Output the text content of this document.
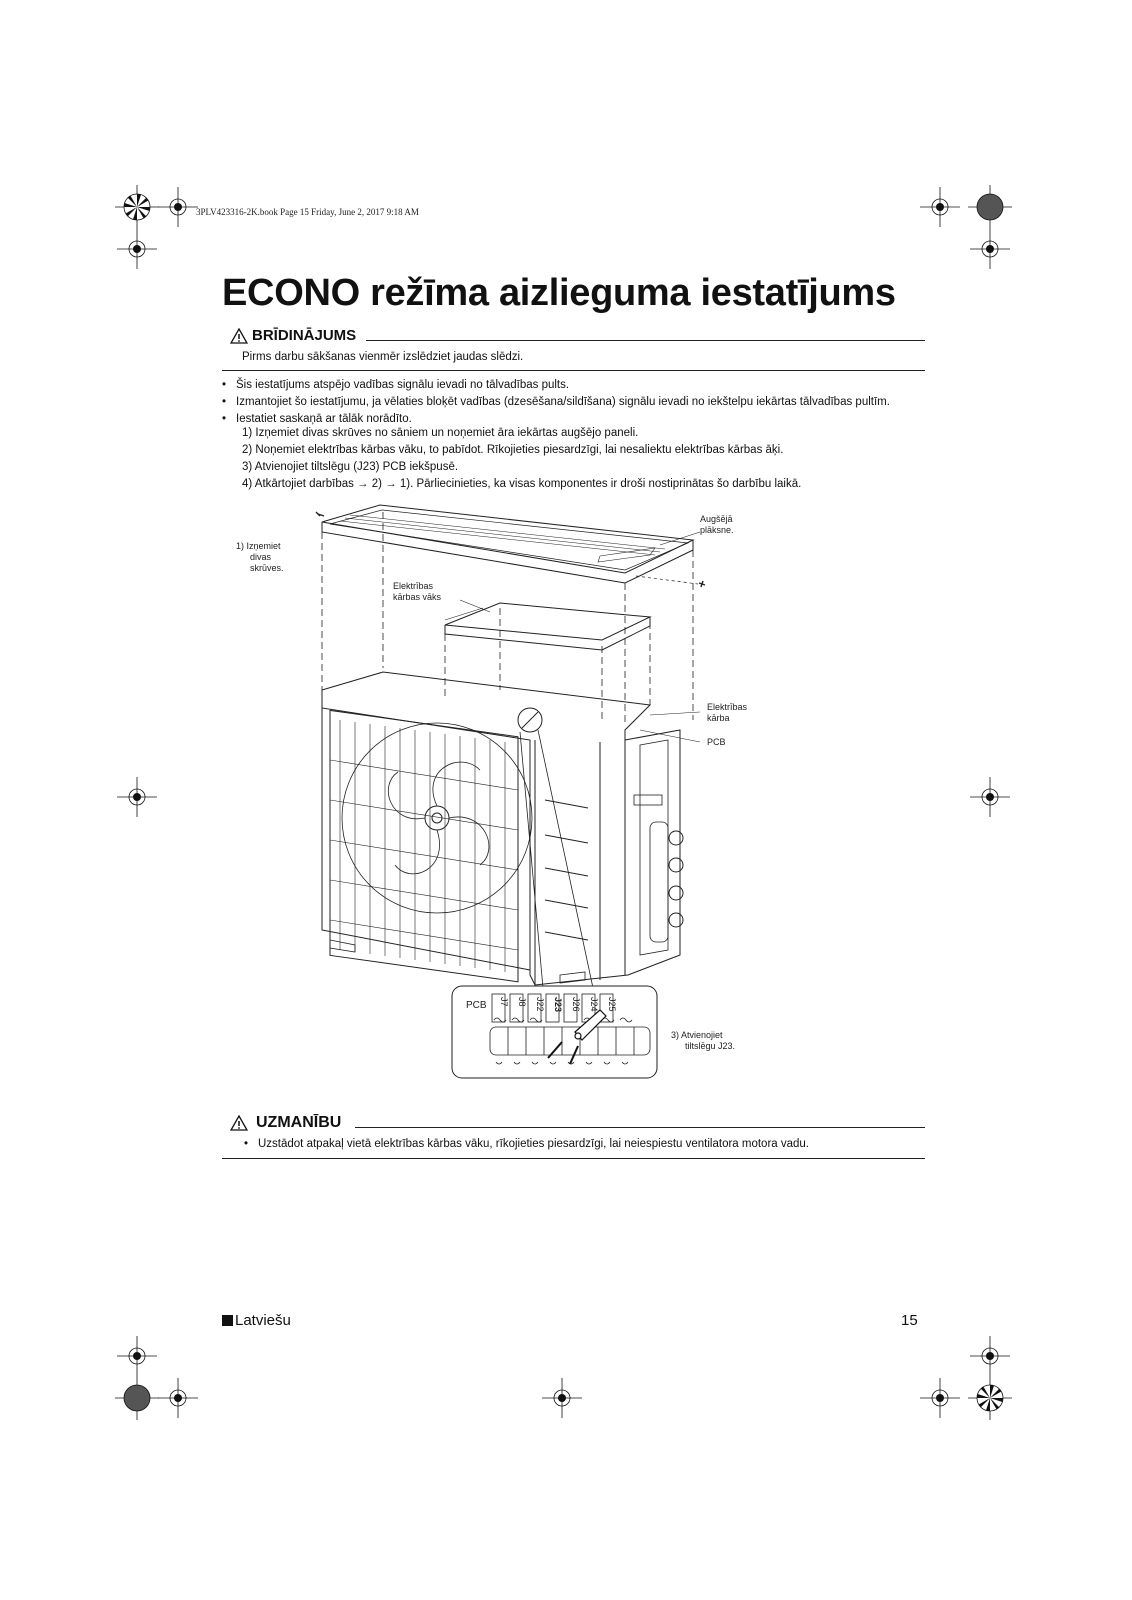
3PLV423316-2K.book Page 15 Friday, June 2, 2017 9:18 AM
ECONO režīma aizlieguma iestatījums
BRĪDINĀJUMS
Pirms darbu sākšanas vienmēr izslēdziet jaudas slēdzi.
• Šis iestatījums atspējo vadības signālu ievadi no tālvadības pults.
• Izmantojiet šo iestatījumu, ja vēlaties bloķēt vadības (dzesēšana/sildīšana) signālu ievadi no iekštelpu iekārtas tālvadības pultīm.
• Iestatiet saskaņā ar tālāk norādīto.
1) Izņemiet divas skrūves no sāniem un noņemiet āra iekārtas augšējo paneli.
2) Noņemiet elektrības kārbas vāku, to pabīdot. Rīkojieties piesardzīgi, lai nesaliektu elektrības kārbas āķi.
3) Atvienojiet tiltslēgu (J23) PCB iekšpusē.
4) Atkārtojiet darbības → 2) → 1). Pārliecinieties, ka visas komponentes ir droši nostiprinātas šo darbību laikā.
1) Izņemiet
divas
skrūves.
Augšējā
plāksne.
Elektrības
kārbas vāks
Elektrības
kārba
PCB
PCB J7 J8 J22 J23 J26 J24 J25
3) Atvienojiet
tiltslēgu J23.
UZMANĪBU
• Uzstādot atpakaļ vietā elektrības kārbas vāku, rīkojieties piesardzīgi, lai neiespiestu ventilatora motora vadu.
Latviešu	15
